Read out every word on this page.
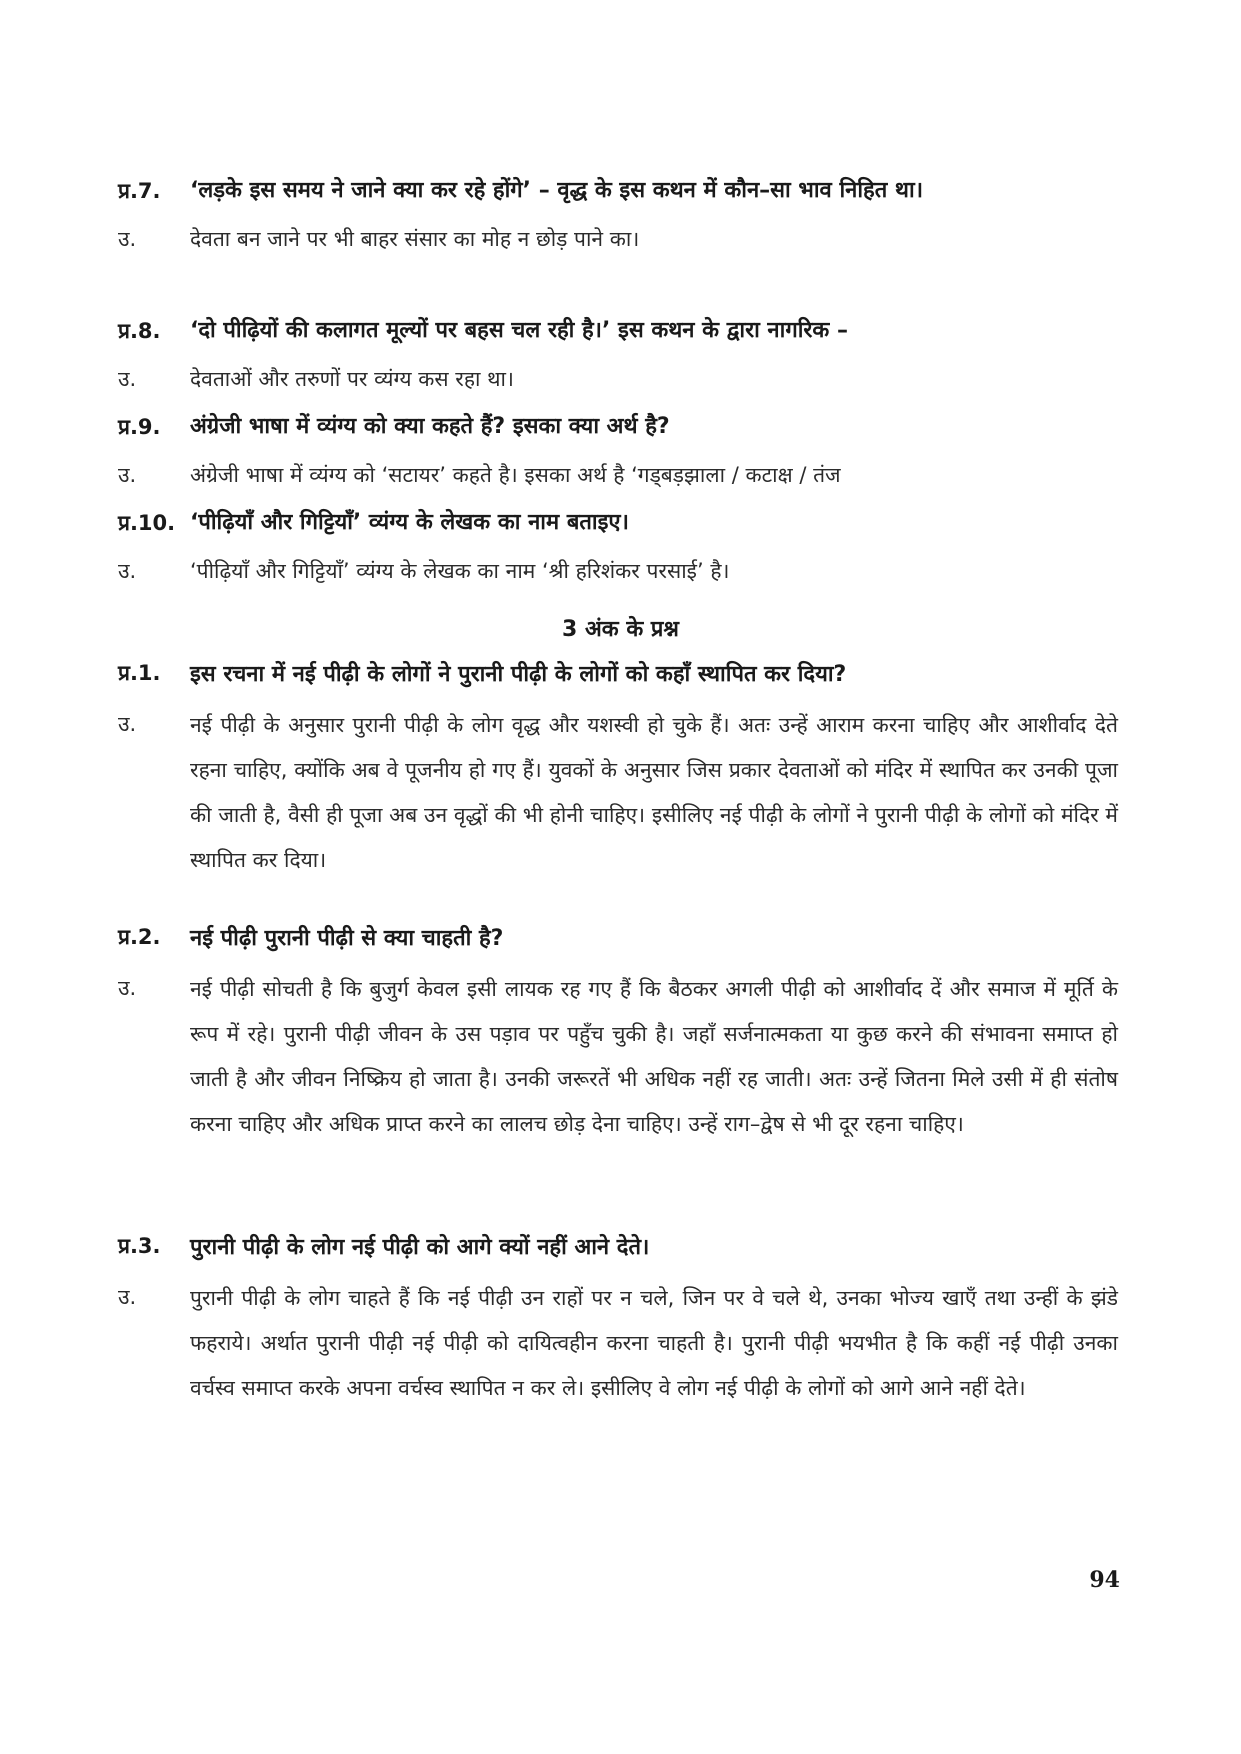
प्र.7.	‘लड़के इस समय ने जाने क्या कर रहे होंगे’ – वृद्ध के इस कथन में कौन–सा भाव निहित था।
उ.	देवता बन जाने पर भी बाहर संसार का मोह न छोड़ पाने का।
प्र.8.	‘दो पीढ़ियों की कलागत मूल्यों पर बहस चल रही है।’ इस कथन के द्वारा नागरिक –
उ.	देवताओं और तरुणों पर व्यंग्य कस रहा था।
प्र.9.	अंग्रेजी भाषा में व्यंग्य को क्या कहते हैं? इसका क्या अर्थ है?
उ.	अंग्रेजी भाषा में व्यंग्य को ‘सटायर’ कहते है। इसका अर्थ है ‘गड्बड़झाला / कटाक्ष / तंज
प्र.10. ‘पीढ़ियाँ और गिट्टियाँ’ व्यंग्य के लेखक का नाम बताइए।
उ.	‘पीढ़ियाँ और गिट्टियाँ’ व्यंग्य के लेखक का नाम ‘श्री हरिशंकर परसाई’ है।
3 अंक के प्रश्न
प्र.1.	इस रचना में नई पीढ़ी के लोगों ने पुरानी पीढ़ी के लोगों को कहाँ स्थापित कर दिया?
उ.	नई पीढ़ी के अनुसार पुरानी पीढ़ी के लोग वृद्ध और यशस्वी हो चुके हैं। अतः उन्हें आराम करना चाहिए और आशीर्वाद देते रहना चाहिए, क्योंकि अब वे पूजनीय हो गए हैं। युवकों के अनुसार जिस प्रकार देवताओं को मंदिर में स्थापित कर उनकी पूजा की जाती है, वैसी ही पूजा अब उन वृद्धों की भी होनी चाहिए। इसीलिए नई पीढ़ी के लोगों ने पुरानी पीढ़ी के लोगों को मंदिर में स्थापित कर दिया।
प्र.2.	नई पीढ़ी पुरानी पीढ़ी से क्या चाहती है?
उ.	नई पीढ़ी सोचती है कि बुजुर्ग केवल इसी लायक रह गए हैं कि बैठकर अगली पीढ़ी को आशीर्वाद दें और समाज में मूर्ति के रूप में रहे। पुरानी पीढ़ी जीवन के उस पड़ाव पर पहुँच चुकी है। जहाँ सर्जनात्मकता या कुछ करने की संभावना समाप्त हो जाती है और जीवन निष्क्रिय हो जाता है। उनकी जरूरतें भी अधिक नहीं रह जाती। अतः उन्हें जितना मिले उसी में ही संतोष करना चाहिए और अधिक प्राप्त करने का लालच छोड़ देना चाहिए। उन्हें राग–द्वेष से भी दूर रहना चाहिए।
प्र.3.	पुरानी पीढ़ी के लोग नई पीढ़ी को आगे क्यों नहीं आने देते।
उ.	पुरानी पीढ़ी के लोग चाहते हैं कि नई पीढ़ी उन राहों पर न चले, जिन पर वे चले थे, उनका भोज्य खाएँ तथा उन्हीं के झंडे फहराये। अर्थात पुरानी पीढ़ी नई पीढ़ी को दायित्वहीन करना चाहती है। पुरानी पीढ़ी भयभीत है कि कहीं नई पीढ़ी उनका वर्चस्व समाप्त करके अपना वर्चस्व स्थापित न कर ले। इसीलिए वे लोग नई पीढ़ी के लोगों को आगे आने नहीं देते।
94
